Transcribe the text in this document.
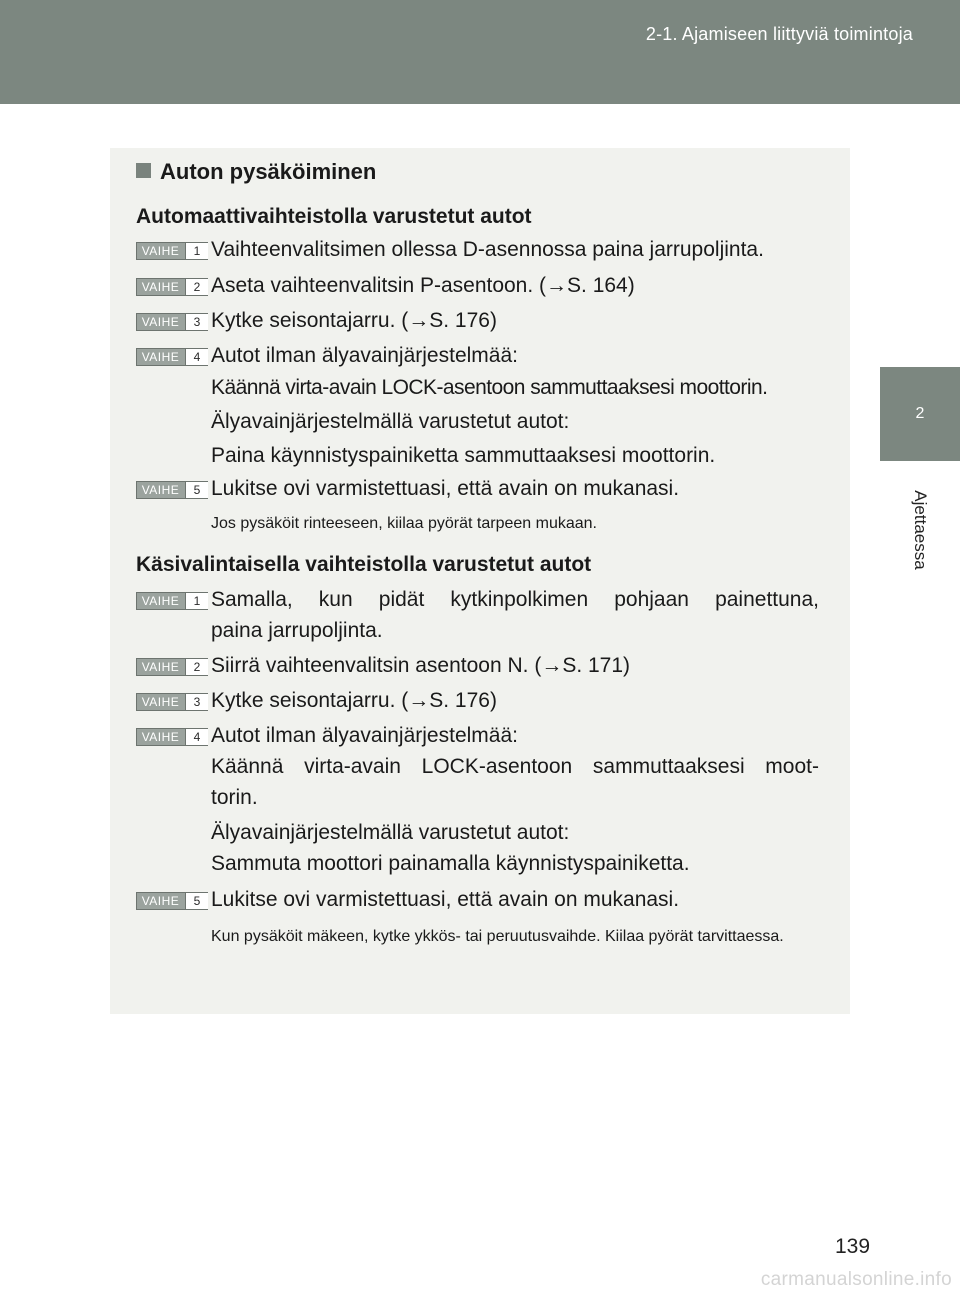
2-1. Ajamiseen liittyviä toimintoja
2
Ajettaessa
Auton pysäköiminen
Automaattivaihteistolla varustetut autot
VAIHE	1 Vaihteenvalitsimen ollessa D-asennossa paina jarrupoljinta.
VAIHE	2 Aseta vaihteenvalitsin P-asentoon. (→S. 164)
VAIHE	3 Kytke seisontajarru. (→S. 176)
VAIHE	4 Autot ilman älyavainjärjestelmää:
Käännä virta-avain LOCK-asentoon sammuttaaksesi moottorin.
Älyavainjärjestelmällä varustetut autot:
Paina käynnistyspainiketta sammuttaaksesi moottorin.
VAIHE	5 Lukitse ovi varmistettuasi, että avain on mukanasi.
Jos pysäköit rinteeseen, kiilaa pyörät tarpeen mukaan.
Käsivalintaisella vaihteistolla varustetut autot
VAIHE	1 Samalla, kun pidät kytkinpolkimen pohjaan painettuna,
paina jarrupoljinta.
VAIHE	2 Siirrä vaihteenvalitsin asentoon N. (→S. 171)
VAIHE	3 Kytke seisontajarru. (→S. 176)
VAIHE	4 Autot ilman älyavainjärjestelmää:
Käännä virta-avain LOCK-asentoon sammuttaaksesi moot-
torin.
Älyavainjärjestelmällä varustetut autot:
Sammuta moottori painamalla käynnistyspainiketta.
VAIHE	5 Lukitse ovi varmistettuasi, että avain on mukanasi.
Kun pysäköit mäkeen, kytke ykkös- tai peruutusvaihde. Kiilaa pyörät tarvittaessa.
139
carmanualsonline.info
